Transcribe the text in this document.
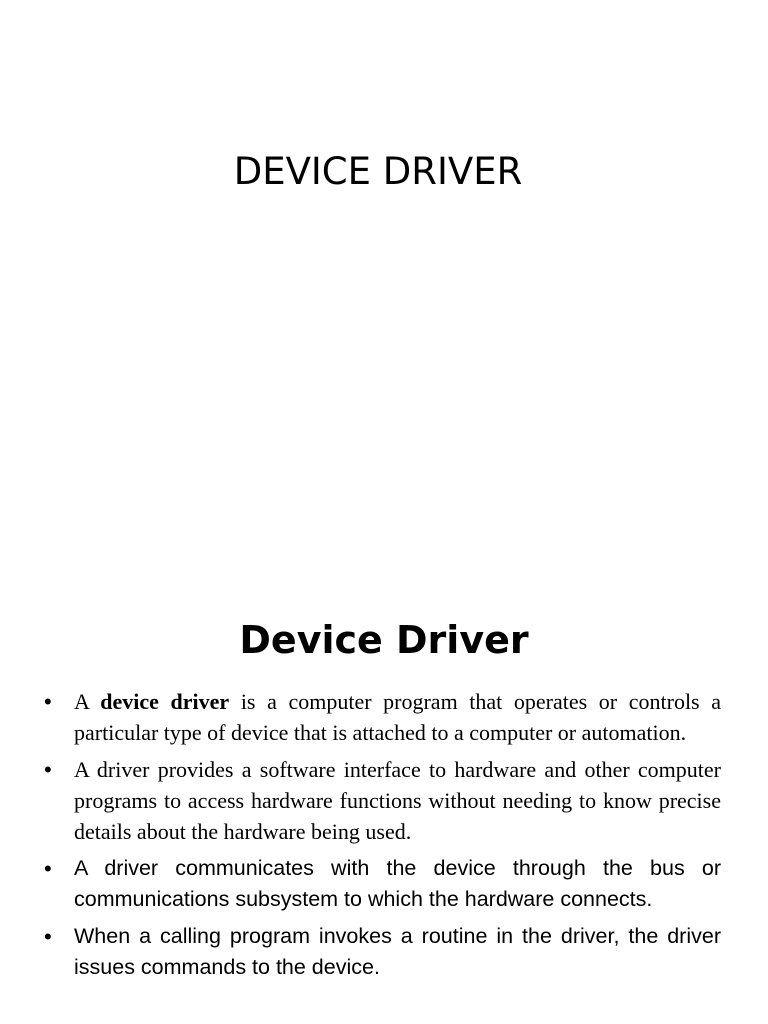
DEVICE DRIVER
Device Driver
• A device driver is a computer program that operates or controls a particular type of device that is attached to a computer or automation.
• A driver provides a software interface to hardware and other computer programs to access hardware functions without needing to know precise details about the hardware being used.
• A driver communicates with the device through the bus or communications subsystem to which the hardware connects.
• When a calling program invokes a routine in the driver, the driver issues commands to the device.
